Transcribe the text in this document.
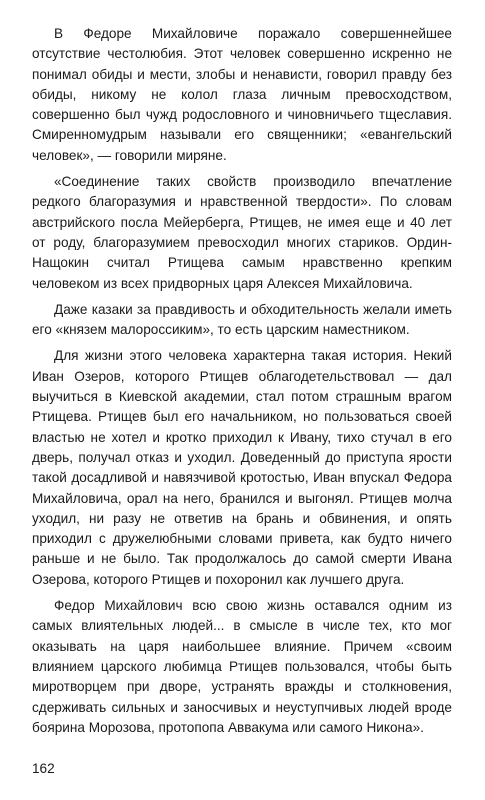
В Федоре Михайловиче поражало совершеннейшее отсутствие честолюбия. Этот человек совершенно искренно не понимал обиды и мести, злобы и ненависти, говорил правду без обиды, никому не колол глаза личным превосходством, совершенно был чужд родословного и чиновничьего тщеславия. Смиренномудрым называли его священники; «евангельский человек», — говорили миряне.

«Соединение таких свойств производило впечатление редкого благоразумия и нравственной твердости». По словам австрийского посла Мейерберга, Ртищев, не имея еще и 40 лет от роду, благоразумием превосходил многих стариков. Ордин-Нащокин считал Ртищева самым нравственно крепким человеком из всех придворных царя Алексея Михайловича.

Даже казаки за правдивость и обходительность желали иметь его «князем малороссиким», то есть царским наместником.

Для жизни этого человека характерна такая история. Некий Иван Озеров, которого Ртищев облагодетельствовал — дал выучиться в Киевской академии, стал потом страшным врагом Ртищева. Ртищев был его начальником, но пользоваться своей властью не хотел и кротко приходил к Ивану, тихо стучал в его дверь, получал отказ и уходил. Доведенный до приступа ярости такой досадливой и навязчивой кротостью, Иван впускал Федора Михайловича, орал на него, бранился и выгонял. Ртищев молча уходил, ни разу не ответив на брань и обвинения, и опять приходил с дружелюбными словами привета, как будто ничего раньше и не было. Так продолжалось до самой смерти Ивана Озерова, которого Ртищев и похоронил как лучшего друга.

Федор Михайлович всю свою жизнь оставался одним из самых влиятельных людей... в смысле в числе тех, кто мог оказывать на царя наибольшее влияние. Причем «своим влиянием царского любимца Ртищев пользовался, чтобы быть миротворцем при дворе, устранять вражды и столкновения, сдерживать сильных и заносчивых и неуступчивых людей вроде боярина Морозова, протопопа Аввакума или самого Никона».

162
